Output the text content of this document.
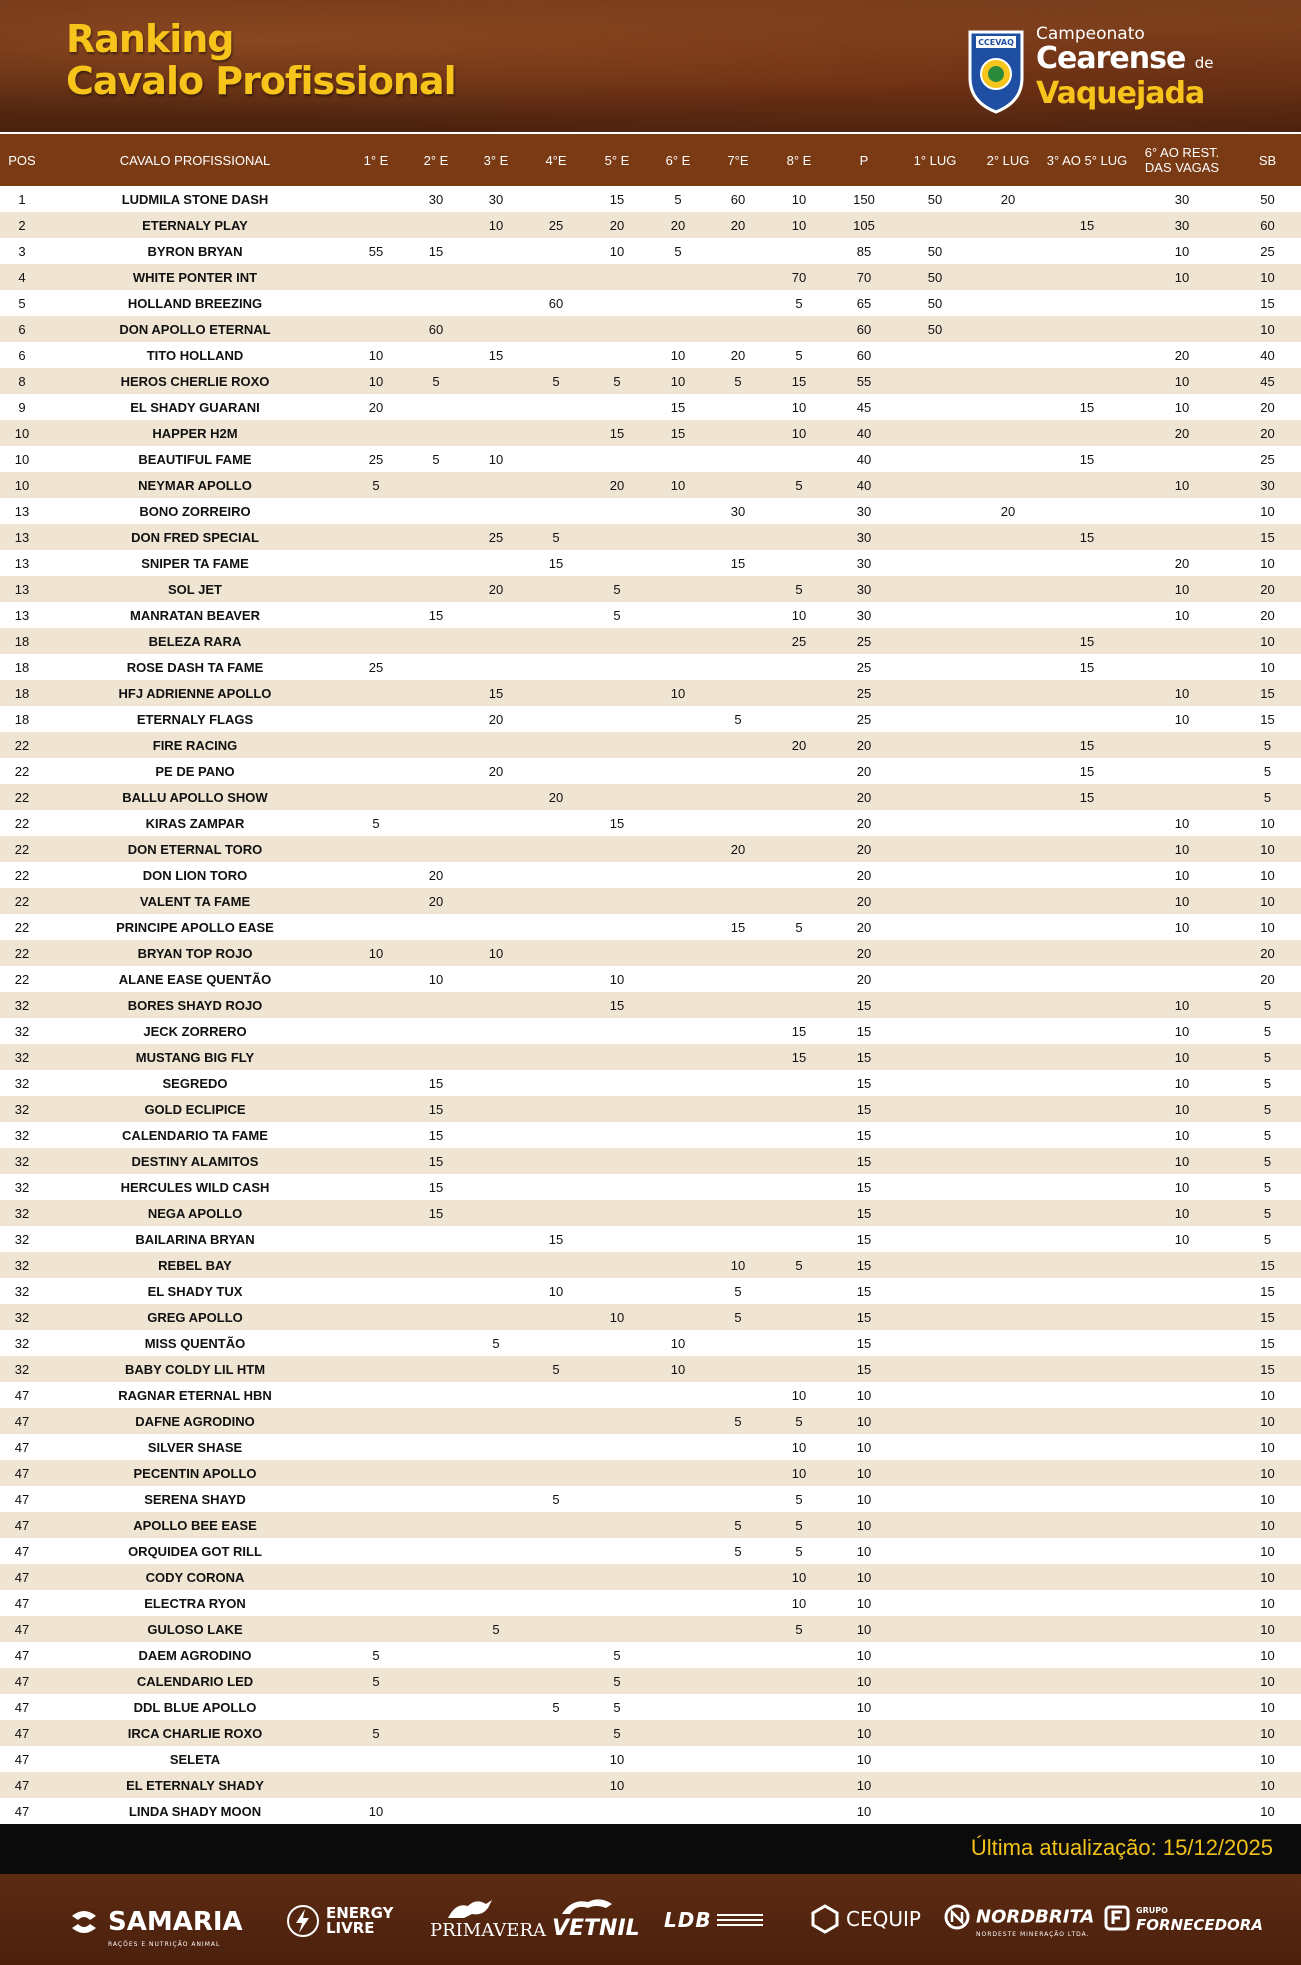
Ranking
Cavalo Profissional
CCEVAQ Campeonato
Cearense de
Vaquejada
POS	CAVALO PROFISSIONAL	1° E	2° E	3° E	4°E	5° E	6° E	7°E	8° E	P	1° LUG	2° LUG	3° AO 5° LUG	6° AO REST. DAS VAGAS	SB
1	LUDMILA STONE DASH		30	30		15	5	60	10	150	50	20		30	50
2	ETERNALY PLAY			10	25	20	20	20	10	105			15	30	60
3	BYRON BRYAN	55	15			10	5			85	50			10	25
4	WHITE PONTER INT								70	70	50			10	10
5	HOLLAND BREEZING				60				5	65	50				15
6	DON APOLLO ETERNAL		60							60	50				10
6	TITO HOLLAND	10		15			10	20	5	60				20	40
8	HEROS CHERLIE ROXO	10	5		5	5	10	5	15	55				10	45
9	EL SHADY GUARANI	20					15		10	45			15	10	20
10	HAPPER H2M					15	15		10	40				20	20
10	BEAUTIFUL FAME	25	5	10						40			15		25
10	NEYMAR APOLLO	5				20	10		5	40				10	30
13	BONO ZORREIRO							30		30		20			10
13	DON FRED SPECIAL			25	5					30			15		15
13	SNIPER TA FAME				15			15		30				20	10
13	SOL JET			20		5			5	30				10	20
13	MANRATAN BEAVER		15			5			10	30				10	20
18	BELEZA RARA								25	25			15		10
18	ROSE DASH TA FAME	25								25			15		10
18	HFJ ADRIENNE APOLLO			15			10			25				10	15
18	ETERNALY FLAGS			20				5		25				10	15
22	FIRE RACING								20	20			15		5
22	PE DE PANO			20						20			15		5
22	BALLU APOLLO SHOW				20					20			15		5
22	KIRAS ZAMPAR	5				15				20				10	10
22	DON ETERNAL TORO							20		20				10	10
22	DON LION TORO		20							20				10	10
22	VALENT TA FAME		20							20				10	10
22	PRINCIPE APOLLO EASE							15	5	20				10	10
22	BRYAN TOP ROJO	10		10						20					20
22	ALANE EASE QUENTÃO		10			10				20					20
32	BORES SHAYD ROJO					15				15				10	5
32	JECK ZORRERO								15	15				10	5
32	MUSTANG BIG FLY								15	15				10	5
32	SEGREDO		15							15				10	5
32	GOLD ECLIPICE		15							15				10	5
32	CALENDARIO TA FAME		15							15				10	5
32	DESTINY ALAMITOS		15							15				10	5
32	HERCULES WILD CASH		15							15				10	5
32	NEGA APOLLO		15							15				10	5
32	BAILARINA BRYAN				15					15				10	5
32	REBEL BAY							10	5	15					15
32	EL SHADY TUX				10			5		15					15
32	GREG APOLLO					10		5		15					15
32	MISS QUENTÃO			5			10			15					15
32	BABY COLDY LIL HTM				5		10			15					15
47	RAGNAR ETERNAL HBN								10	10					10
47	DAFNE AGRODINO							5	5	10					10
47	SILVER SHASE								10	10					10
47	PECENTIN APOLLO								10	10					10
47	SERENA SHAYD				5				5	10					10
47	APOLLO BEE EASE							5	5	10					10
47	ORQUIDEA GOT RILL							5	5	10					10
47	CODY CORONA								10	10					10
47	ELECTRA RYON								10	10					10
47	GULOSO LAKE			5					5	10					10
47	DAEM AGRODINO	5				5				10					10
47	CALENDARIO LED	5				5				10					10
47	DDL BLUE APOLLO				5	5				10					10
47	IRCA CHARLIE ROXO	5				5				10					10
47	SELETA					10				10					10
47	EL ETERNALY SHADY					10				10					10
47	LINDA SHADY MOON	10								10					10
Última atualização: 15/12/2025
SAMARIA
RAÇÕES E NUTRIÇÃO ANIMAL
ENERGY LIVRE	PRIMAVERA VETNIL LDB	CEQUIP	NORDBRITA
NORDESTE MINERAÇÃO LTDA.
GRUPO
FORNECEDORA
